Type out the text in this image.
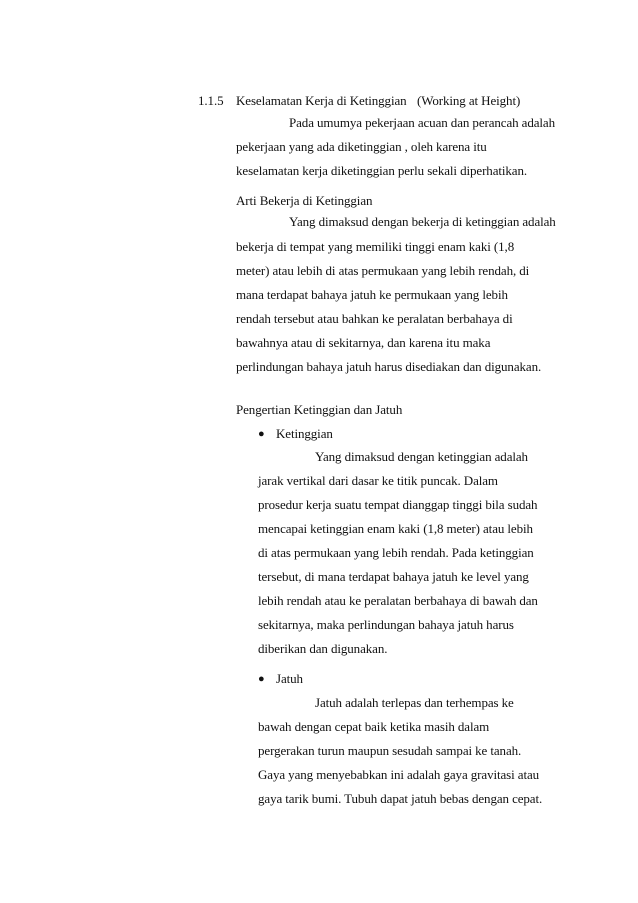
1.1.5 Keselamatan Kerja di Ketinggian (Working at Height)
Pada umumya pekerjaan acuan dan perancah adalah
pekerjaan yang ada diketinggian , oleh karena itu
keselamatan kerja diketinggian perlu sekali diperhatikan.
Arti Bekerja di Ketinggian
Yang dimaksud dengan bekerja di ketinggian adalah
bekerja di tempat yang memiliki tinggi enam kaki (1,8
meter) atau lebih di atas permukaan yang lebih rendah, di
mana terdapat bahaya jatuh ke permukaan yang lebih
rendah tersebut atau bahkan ke peralatan berbahaya di
bawahnya atau di sekitarnya, dan karena itu maka
perlindungan bahaya jatuh harus disediakan dan digunakan.
Pengertian Ketinggian dan Jatuh
● Ketinggian
Yang dimaksud dengan ketinggian adalah
jarak vertikal dari dasar ke titik puncak. Dalam
prosedur kerja suatu tempat dianggap tinggi bila sudah
mencapai ketinggian enam kaki (1,8 meter) atau lebih
di atas permukaan yang lebih rendah. Pada ketinggian
tersebut, di mana terdapat bahaya jatuh ke level yang
lebih rendah atau ke peralatan berbahaya di bawah dan
sekitarnya, maka perlindungan bahaya jatuh harus
diberikan dan digunakan.
● Jatuh
Jatuh adalah terlepas dan terhempas ke
bawah dengan cepat baik ketika masih dalam
pergerakan turun maupun sesudah sampai ke tanah.
Gaya yang menyebabkan ini adalah gaya gravitasi atau
gaya tarik bumi. Tubuh dapat jatuh bebas dengan cepat.
